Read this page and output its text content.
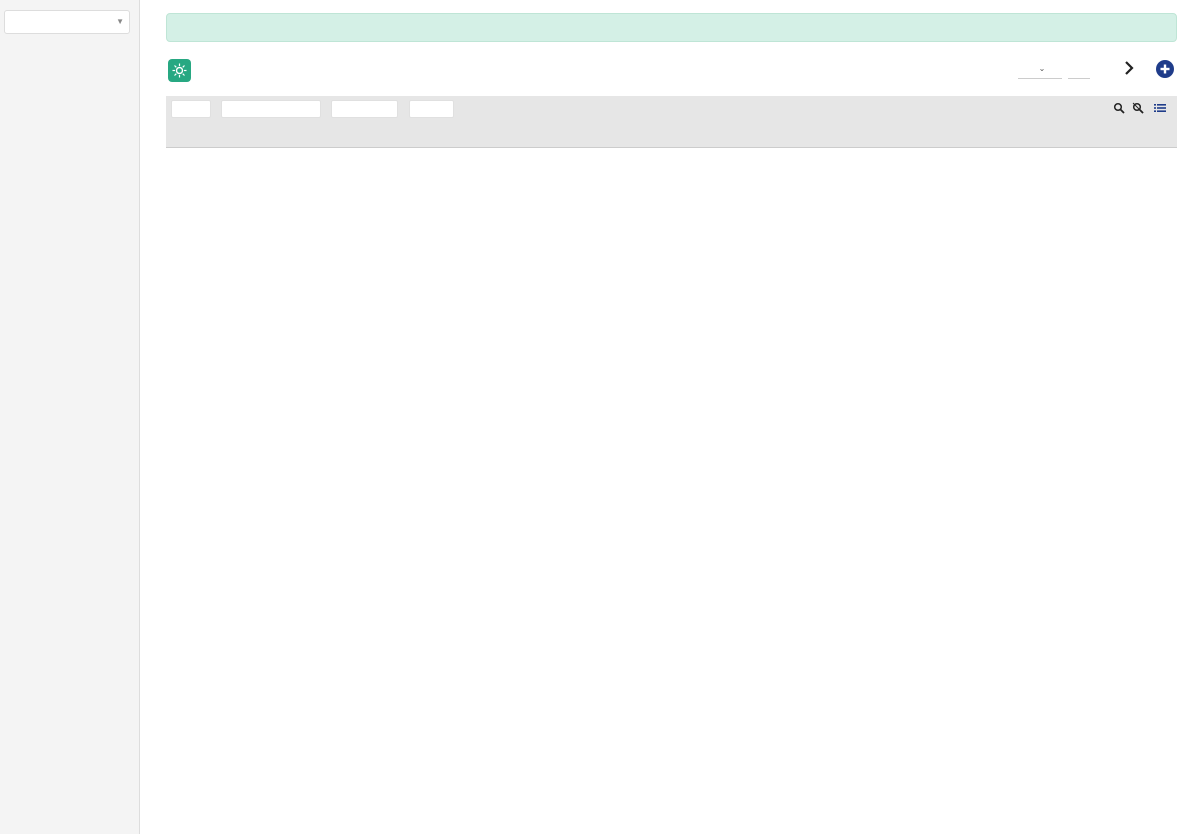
▼
⌄
